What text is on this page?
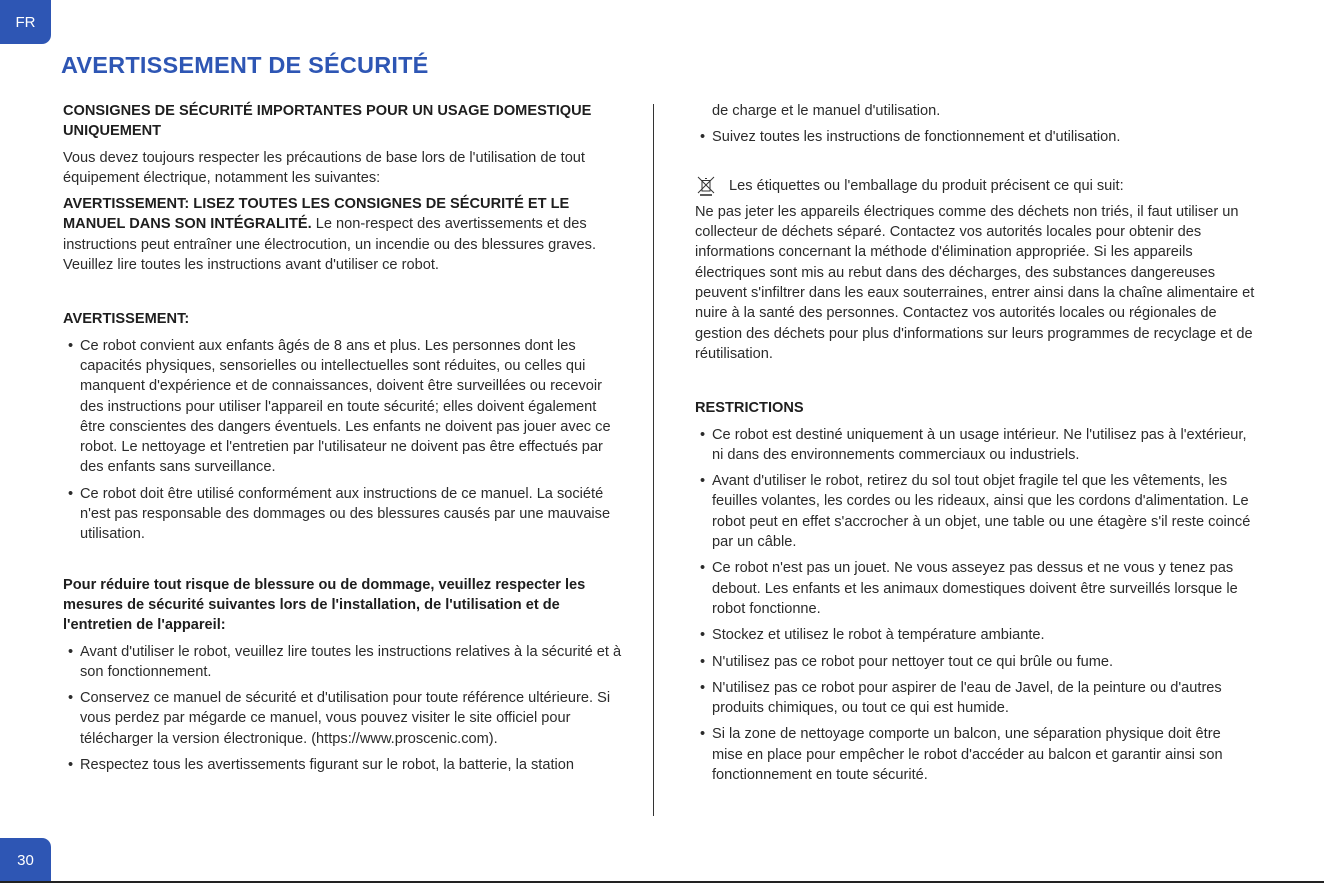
FR
30
AVERTISSEMENT DE SÉCURITÉ

CONSIGNES DE SÉCURITÉ IMPORTANTES POUR UN USAGE DOMESTIQUE UNIQUEMENT

Vous devez toujours respecter les précautions de base lors de l'utilisation de tout équipement électrique, notamment les suivantes:

AVERTISSEMENT: LISEZ TOUTES LES CONSIGNES DE SÉCURITÉ ET LE MANUEL DANS SON INTÉGRALITÉ. Le non-respect des avertissements et des instructions peut entraîner une électrocution, un incendie ou des blessures graves. Veuillez lire toutes les instructions avant d'utiliser ce robot.

AVERTISSEMENT:

• Ce robot convient aux enfants âgés de 8 ans et plus. Les personnes dont les capacités physiques, sensorielles ou intellectuelles sont réduites, ou celles qui manquent d'expérience et de connaissances, doivent être surveillées ou recevoir des instructions pour utiliser l'appareil en toute sécurité; elles doivent également être conscientes des dangers éventuels. Les enfants ne doivent pas jouer avec ce robot. Le nettoyage et l'entretien par l'utilisateur ne doivent pas être effectués par des enfants sans surveillance.
• Ce robot doit être utilisé conformément aux instructions de ce manuel. La société n'est pas responsable des dommages ou des blessures causés par une mauvaise utilisation.

Pour réduire tout risque de blessure ou de dommage, veuillez respecter les mesures de sécurité suivantes lors de l'installation, de l'utilisation et de l'entretien de l'appareil:

• Avant d'utiliser le robot, veuillez lire toutes les instructions relatives à la sécurité et à son fonctionnement.
• Conservez ce manuel de sécurité et d'utilisation pour toute référence ultérieure. Si vous perdez par mégarde ce manuel, vous pouvez visiter le site officiel pour télécharger la version électronique. (https://www.proscenic.com).
• Respectez tous les avertissements figurant sur le robot, la batterie, la station

de charge et le manuel d'utilisation.

• Suivez toutes les instructions de fonctionnement et d'utilisation.

Les étiquettes ou l'emballage du produit précisent ce qui suit:

Ne pas jeter les appareils électriques comme des déchets non triés, il faut utiliser un collecteur de déchets séparé. Contactez vos autorités locales pour obtenir des informations concernant la méthode d'élimination appropriée. Si les appareils électriques sont mis au rebut dans des décharges, des substances dangereuses peuvent s'infiltrer dans les eaux souterraines, entrer ainsi dans la chaîne alimentaire et nuire à la santé des personnes. Contactez vos autorités locales ou régionales de gestion des déchets pour plus d'informations sur leurs programmes de recyclage et de réutilisation.

RESTRICTIONS

• Ce robot est destiné uniquement à un usage intérieur. Ne l'utilisez pas à l'extérieur, ni dans des environnements commerciaux ou industriels.
• Avant d'utiliser le robot, retirez du sol tout objet fragile tel que les vêtements, les feuilles volantes, les cordes ou les rideaux, ainsi que les cordons d'alimentation. Le robot peut en effet s'accrocher à un objet, une table ou une étagère s'il reste coincé par un câble.
• Ce robot n'est pas un jouet. Ne vous asseyez pas dessus et ne vous y tenez pas debout. Les enfants et les animaux domestiques doivent être surveillés lorsque le robot fonctionne.
• Stockez et utilisez le robot à température ambiante.
• N'utilisez pas ce robot pour nettoyer tout ce qui brûle ou fume.
• N'utilisez pas ce robot pour aspirer de l'eau de Javel, de la peinture ou d'autres produits chimiques, ou tout ce qui est humide.
• Si la zone de nettoyage comporte un balcon, une séparation physique doit être mise en place pour empêcher le robot d'accéder au balcon et garantir ainsi son fonctionnement en toute sécurité.
